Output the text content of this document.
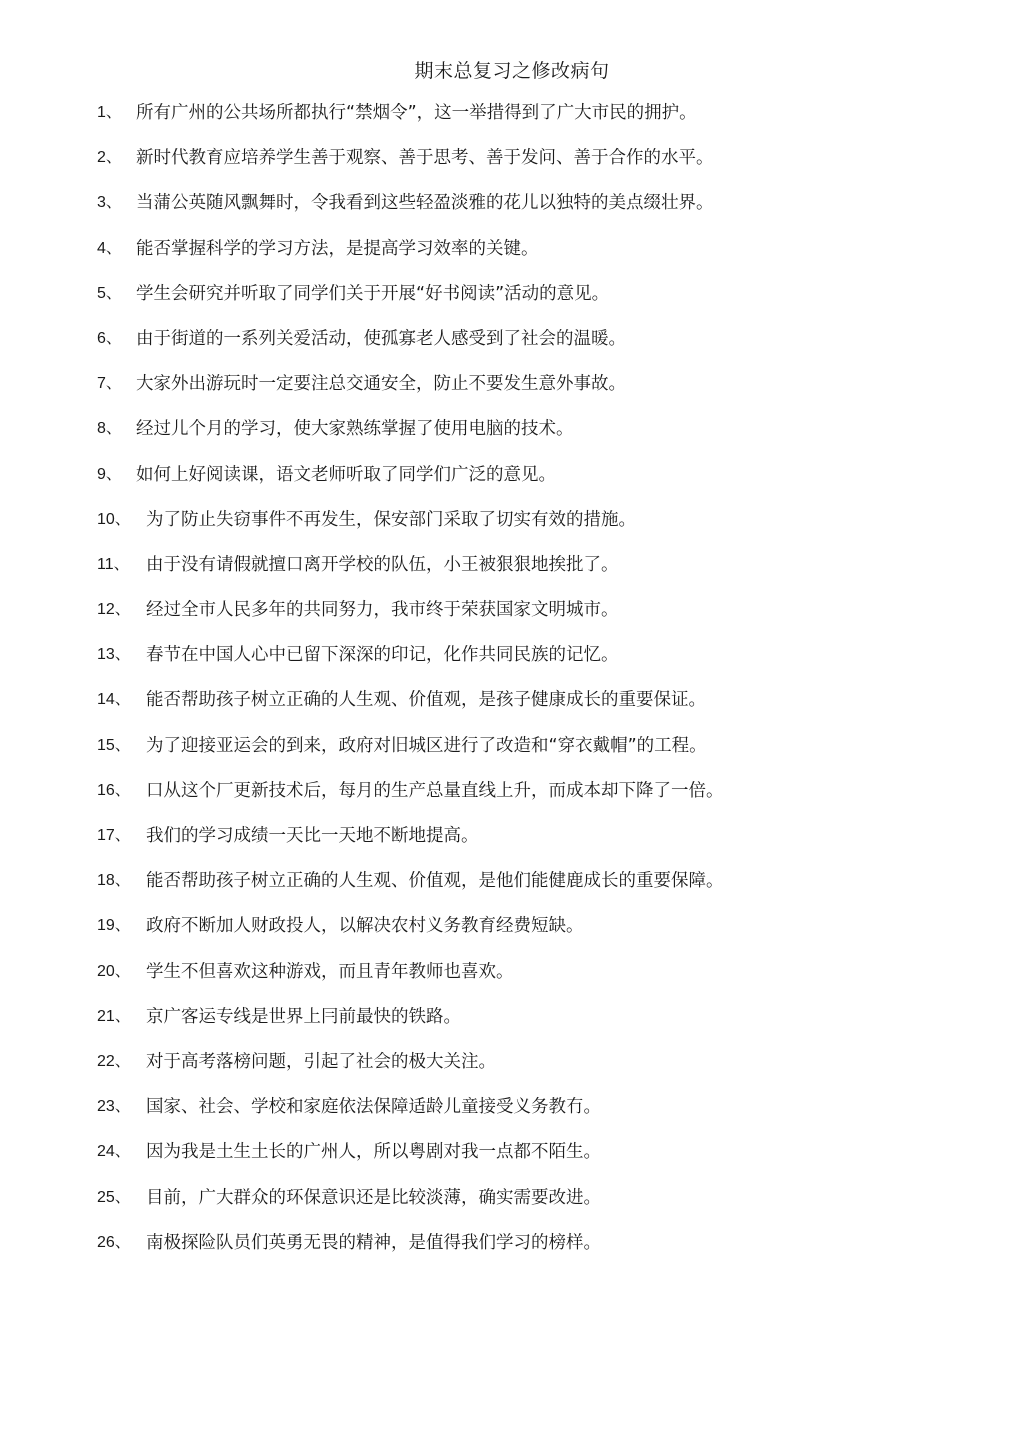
期末总复习之修改病句
1、 所有广州的公共场所都执行“禁烟令”，这一举措得到了广大市民的拥护。
2、 新时代教育应培养学生善于观察、善于思考、善于发问、善于合作的水平。
3、 当蒲公英随风飘舞时，令我看到这些轻盈淡雅的花儿以独特的美点缀壮界。
4、 能否掌握科学的学习方法，是提高学习效率的关键。
5、 学生会研究并听取了同学们关于开展“好书阅读”活动的意见。
6、 由于街道的一系列关爱活动，使孤寡老人感受到了社会的温暖。
7、 大家外出游玩时一定要注总交通安全，防止不要发生意外事故。
8、 经过儿个月的学习，使大家熟练掌握了使用电脑的技术。
9、 如何上好阅读课，语文老师听取了同学们广泛的意见。
10、 为了防止失窃事件不再发生，保安部门采取了切实有效的措施。
11、 由于没有请假就擅口离开学校的队伍，小王被狠狠地挨批了。
12、 经过全市人民多年的共同努力，我市终于荣获国家文明城市。
13、 春节在中国人心中已留下深深的印记，化作共同民族的记忆。
14、 能否帮助孩子树立正确的人生观、价值观，是孩子健康成长的重要保证。
15、 为了迎接亚运会的到来，政府对旧城区进行了改造和“穿衣戴帽”的工程。
16、 口从这个厂更新技术后，每月的生产总量直线上升，而成本却下降了一倍。
17、 我们的学习成绩一天比一天地不断地提高。
18、 能否帮助孩子树立正确的人生观、价值观，是他们能健鹿成长的重要保障。
19、 政府不断加人财政投人，以解决农村义务教育经费短缺。
20、 学生不但喜欢这种游戏，而且青年教师也喜欢。
21、 京广客运专线是世界上冃前最快的铁路。
22、 对于高考落榜问题，引起了社会的极大关注。
23、 国家、社会、学校和家庭依法保障适龄儿童接受义务教冇。
24、 因为我是土生土长的广州人，所以粤剧对我一点都不陌生。
25、 目前，广大群众的环保意识还是比较淡薄，确实需要改进。
26、 南极探险队员们英勇无畏的精神，是值得我们学习的榜样。
